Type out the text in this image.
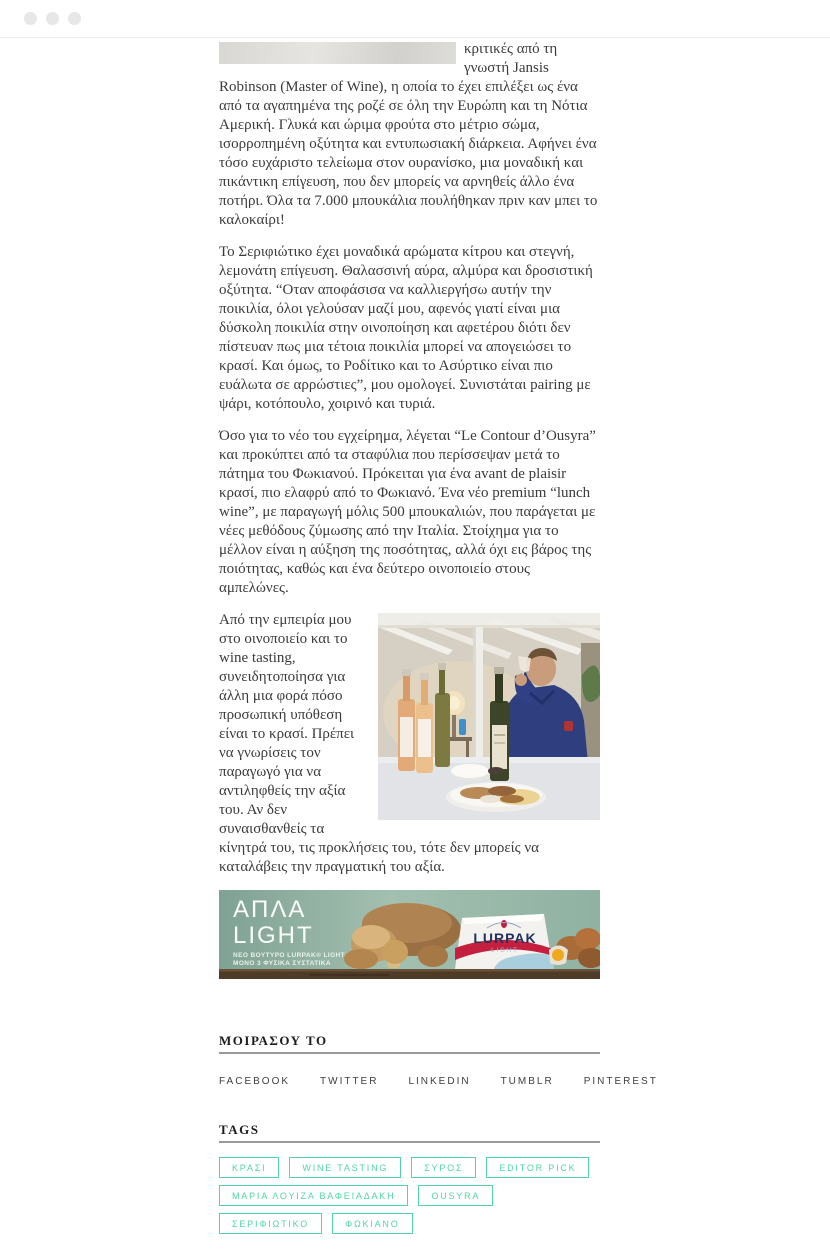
κριτικές από τη γνωστή Jansis Robinson (Master of Wine), η οποία το έχει επιλέξει ως ένα από τα αγαπημένα της ροζέ σε όλη την Ευρώπη και τη Νότια Αμερική. Γλυκά και ώριμα φρούτα στο μέτριο σώμα, ισορροπημένη οξύτητα και εντυπωσιακή διάρκεια. Αφήνει ένα τόσο ευχάριστο τελείωμα στον ουρανίσκο, μια μοναδική και πικάντικη επίγευση, που δεν μπορείς να αρνηθείς άλλο ένα ποτήρι. Όλα τα 7.000 μπουκάλια πουλήθηκαν πριν καν μπει το καλοκαίρι!

Το Σεριφιώτικο έχει μοναδικά αρώματα κίτρου και στεγνή, λεμονάτη επίγευση. Θαλασσινή αύρα, αλμύρα και δροσιστική οξύτητα. “Οταν αποφάσισα να καλλιεργήσω αυτήν την ποικιλία, όλοι γελούσαν μαζί μου, αφενός γιατί είναι μια δύσκολη ποικιλία στην οινοποίηση και αφετέρου διότι δεν πίστευαν πως μια τέτοια ποικιλία μπορεί να απογειώσει το κρασί. Και όμως, το Ροδίτικο και το Ασύρτικο είναι πιο ευάλωτα σε αρρώστιες”, μου ομολογεί. Συνιστάται pairing με ψάρι, κοτόπουλο, χοιρινό και τυριά.

Όσο για το νέο του εγχείρημα, λέγεται “Le Contour d’Ousyra” και προκύπτει από τα σταφύλια που περίσσεψαν μετά το πάτημα του Φωκιανού. Πρόκειται για ένα avant de plaisir κρασί, πιο ελαφρύ από το Φωκιανό. Ένα νέο premium “lunch wine”, με παραγωγή μόλις 500 μπουκαλιών, που παράγεται με νέες μεθόδους ζύμωσης από την Ιταλία. Στοίχημα για το μέλλον είναι η αύξηση της ποσότητας, αλλά όχι εις βάρος της ποιότητας, καθώς και ένα δεύτερο οινοποιείο στους αμπελώνες.

Από την εμπειρία μου στο οινοποιείο και το wine tasting, συνειδητοποίησα για άλλη μια φορά πόσο προσωπική υπόθεση είναι το κρασί. Πρέπει να γνωρίσεις τον παραγωγό για να αντιληφθείς την αξία του. Αν δεν συναισθανθείς τα κίνητρά του, τις προκλήσεις του, τότε δεν μπορείς να καταλάβεις την πραγματική του αξία.

LURPAK
LIGHT
ΑΠΛΑ
LIGHT
ΝΕΟ ΒΟΥΤΥΡΟ LURPAK® LIGHT
ΜΟΝΟ 3 ΦΥΣΙΚΑ ΣΥΣΤΑΤΙΚΑ
ΜΟΙΡΑΣΟΥ ΤΟ
FACEBOOK	TWITTER	LINKEDIN	TUMBLR	PINTEREST
TAGS
ΚΡΑΣΙ	WINE TASTING	ΣΥΡΟΣ	EDITOR PICK ΜΑΡΙΑ ΛΟΥΙΖΑ ΒΑΦΕΙΑΔΑΚΗ	OUSYRA ΣΕΡΙΦΙΩΤΙΚΟ	ΦΩΚΙΑΝΟ
